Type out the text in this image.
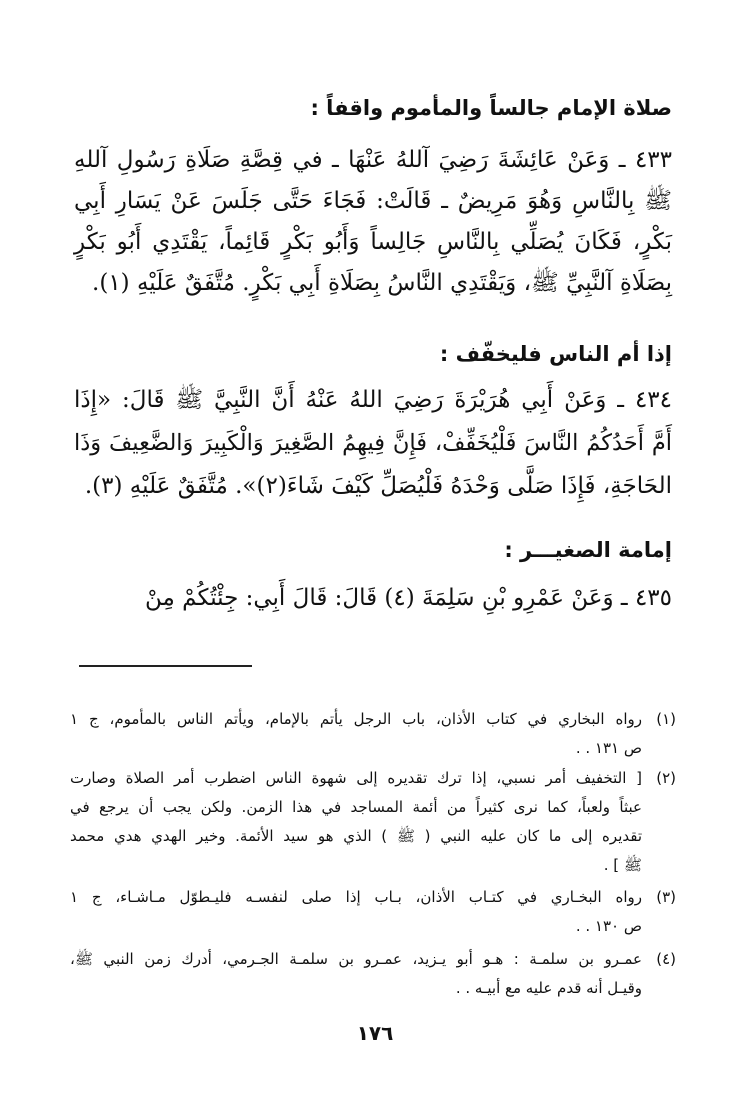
صلاة الإمام جالساً والمأموم واقفاً :
٤٣٣ ـ وَعَنْ عَائِشَةَ رَضِيَ آللهُ عَنْهَا ـ في قِصَّةِ صَلَاةِ رَسُولِ آللهِ
ﷺ بِالنَّاسِ وَهُوَ مَرِيضٌ ـ قَالَتْ: فَجَاءَ حَتَّى جَلَسَ عَنْ يَسَارِ أَبِي
بَكْرٍ، فَكَانَ يُصَلِّي بِالنَّاسِ جَالِساً وَأَبُو بَكْرٍ قَائِماً، يَقْتَدِي أَبُو بَكْرٍ
بِصَلَاةِ آلنَّبِيِّ ﷺ، وَيَقْتَدِي النَّاسُ بِصَلَاةِ أَبِي بَكْرٍ. مُتَّفَقٌ عَلَيْهِ (١).
إذا أم الناس فليخفّف :
٤٣٤ ـ وَعَنْ أَبِي هُرَيْرَةَ رَضِيَ اللهُ عَنْهُ أَنَّ النَّبِيَّ ﷺ قَالَ: «إِذَا
أَمَّ أَحَدُكُمُ النَّاسَ فَلْيُخَفِّفْ، فَإِنَّ فِيهِمُ الصَّغِيرَ وَالْكَبِيرَ وَالضَّعِيفَ وَذَا
الحَاجَةِ، فَإِذَا صَلَّى وَحْدَهُ فَلْيُصَلِّ كَيْفَ شَاءَ(٢)». مُتَّفَقٌ عَلَيْهِ (٣).
إمامة الصغيـــر :
٤٣٥ ـ وَعَنْ عَمْرِو بْنِ سَلِمَةَ (٤) قَالَ: قَالَ أَبِي: جِئْتُكُمْ مِنْ
(١)
رواه البخاري في كتاب الأذان، باب الرجل يأتم بالإمام، ويأتم الناس بالمأموم، ج ١
ص ١٣١ . .
(٢)
[ التخفيف أمر نسبي، إذا ترك تقديره إلى شهوة الناس اضطرب أمر الصلاة وصارت
عبثاً ولعباً، كما نرى كثيراً من أئمة المساجد في هذا الزمن. ولكن يجب أن يرجع في
تقديره إلى ما كان عليه النبي ( ﷺ ) الذي هو سيد الأئمة. وخير الهدي هدي محمد
ﷺ ] .
(٣)
رواه البخـاري في كتـاب الأذان، بـاب إذا صلى لنفسـه فليـطوّل مـاشـاء، ج ١
ص ١٣٠ . .
(٤)
عمـرو بن سلمـة : هـو أبو يـزيد، عمـرو بن سلمـة الجـرمي، أدرك زمن النبي ﷺ،
وقيـل أنه قدم عليه مع أبيـه . .
١٧٦
